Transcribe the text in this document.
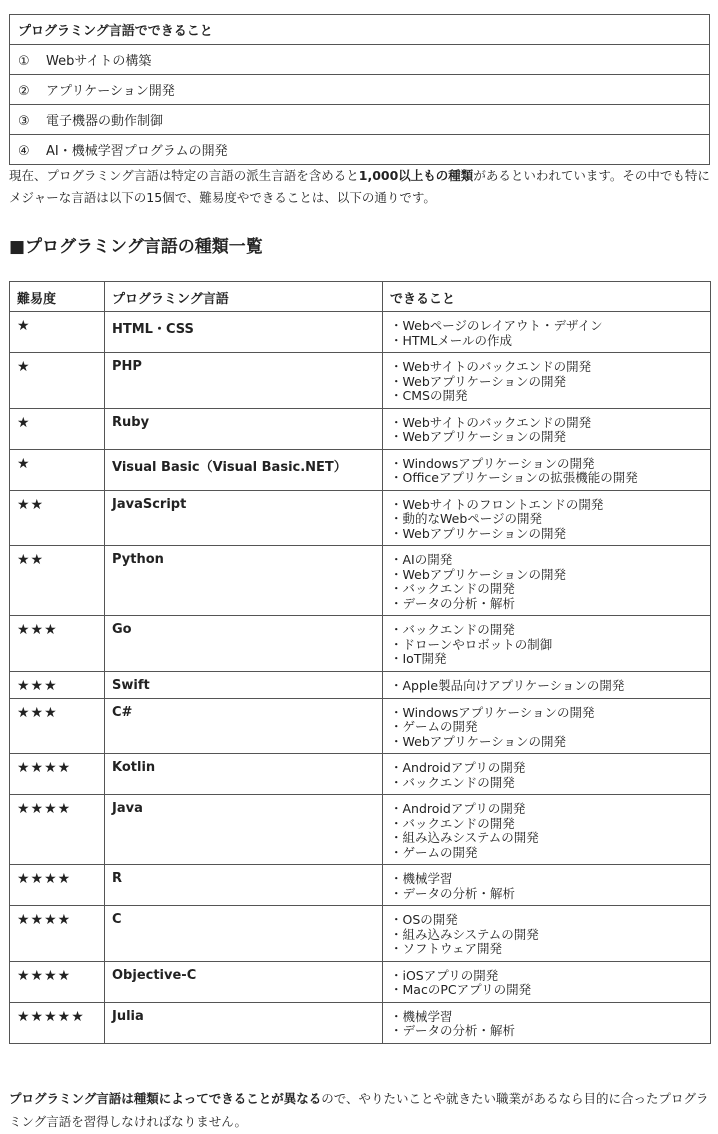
プログラミング言語でできること
① Webサイトの構築
② アプリケーション開発
③ 電子機器の動作制御
④ AI・機械学習プログラムの開発

現在、プログラミング言語は特定の言語の派生言語を含めると1,000以上もの種類があるといわれています。その中でも特にメジャーな言語は以下の15個で、難易度やできることは、以下の通りです。

■プログラミング言語の種類一覧
難易度	プログラミング言語	できること
★	HTML・CSS	・Webページのレイアウト・デザイン
・HTMLメールの作成

★	PHP	・Webサイトのバックエンドの開発
・Webアプリケーションの開発
・CMSの開発

★	Ruby	・Webサイトのバックエンドの開発
・Webアプリケーションの開発

★	Visual Basic（Visual Basic.NET）	・Windowsアプリケーションの開発
・Officeアプリケーションの拡張機能の開発

★★	JavaScript	・Webサイトのフロントエンドの開発
・動的なWebページの開発
・Webアプリケーションの開発

★★	Python	・AIの開発
・Webアプリケーションの開発
・バックエンドの開発
・データの分析・解析

★★★	Go	・バックエンドの開発
・ドローンやロボットの制御
・IoT開発

★★★	Swift	・Apple製品向けアプリケーションの開発

★★★	C#	・Windowsアプリケーションの開発
・ゲームの開発
・Webアプリケーションの開発

★★★★	Kotlin	・Androidアプリの開発
・バックエンドの開発

★★★★	Java	・Androidアプリの開発
・バックエンドの開発
・組み込みシステムの開発
・ゲームの開発

★★★★	R	・機械学習
・データの分析・解析

★★★★	C	・OSの開発
・組み込みシステムの開発
・ソフトウェア開発

★★★★	Objective-C	・iOSアプリの開発
・MacのPCアプリの開発

★★★★★	Julia	・機械学習
・データの分析・解析

プログラミング言語は種類によってできることが異なるので、やりたいことや就きたい職業があるなら目的に合ったプログラミング言語を習得しなければなりません。
